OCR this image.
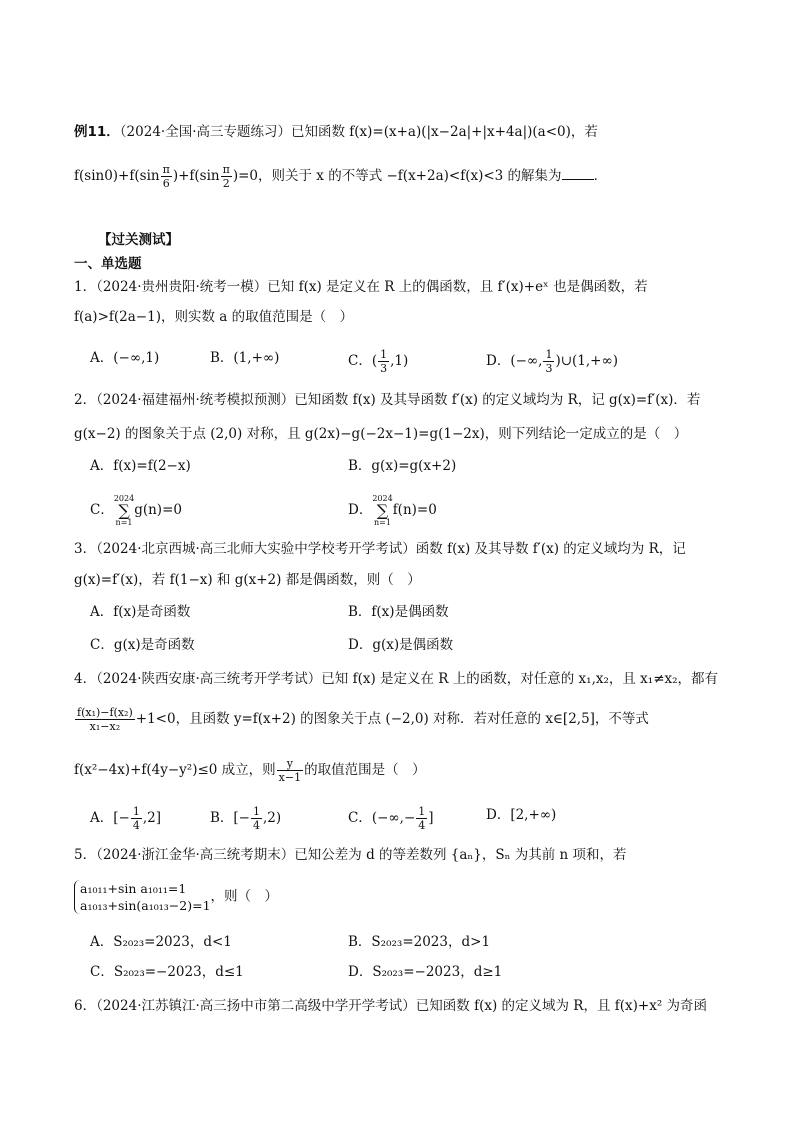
例11．（2024·全国·高三专题练习）已知函数 f(x)=(x+a)(|x−2a|+|x+4a|)(a<0)，若
$f(\sin 0)+f(\sin \frac{\pi}{6} )+f(\sin \frac{\pi}{2} )=0$，则关于 x 的不等式 −f(x+2a)<f(x)<3 的解集为 ．
【过关测试】
一、单选题
1．（2024·贵州贵阳·统考一模）已知 f(x) 是定义在 R 上的偶函数，且 f′(x)+eˣ 也是偶函数，若
f(a)>f(2a−1)，则实数 a 的取值范围是（　）
A．(−∞,1)	B．(1,+∞)	C．( $\frac{1}{3} ,1$)	D．(−∞, $\frac{1}{3}$ )∪(1,+∞)
2．（2024·福建福州·统考模拟预测）已知函数 f(x) 及其导函数 f′(x) 的定义域均为 R，记 g(x)=f′(x)．若
g(x−2) 的图象关于点 (2,0) 对称，且 g(2x)−g(−2x−1)=g(1−2x)，则下列结论一定成立的是（　）
A．f(x)=f(2−x)	B．g(x)=g(x+2)
C．2024
∑
n=1g(n)=0	D．2024
∑
n=1f(n)=0
3．（2024·北京西城·高三北师大实验中学校考开学考试）函数 f(x) 及其导数 f′(x) 的定义域均为 R，记
g(x)=f′(x)，若 f(1−x) 和 g(x+2) 都是偶函数，则（　）
A．f(x)是奇函数	B．f(x)是偶函数
C．g(x)是奇函数	D．g(x)是偶函数
4．（2024·陕西安康·高三统考开学考试）已知 f(x) 是定义在 R 上的函数，对任意的 x₁,x₂，且 x₁≠x₂，都有
$\frac{\text{f(x₁)−f(x₂)}}{\text{x₁−x₂}} +1<0$，且函数 y=f(x+2) 的图象关于点 (−2,0) 对称．若对任意的 x∈[2,5]，不等式
f(x²−4x)+f(4y−y²)≤0 成立，则 $\frac{y}{x-1}$ 的取值范围是（　）
A．[− $\frac{1}{4} ,2$]	B．[− $\frac{1}{4} ,2$)	C．(−∞,− $\frac{1}{4}$ ]	D．[2,+∞)
5．（2024·浙江金华·高三统考期末）已知公差为 d 的等差数列 {aₙ}，Sₙ 为其前 n 项和，若
a₁₀₁₁+sin a₁₀₁₁=1
a₁₀₁₃+sin(a₁₀₁₃−2)=1
，则（　）
A．S₂₀₂₃=2023，d<1	B．S₂₀₂₃=2023，d>1
C．S₂₀₂₃=−2023，d≤1	D．S₂₀₂₃=−2023，d≥1
6．（2024·江苏镇江·高三扬中市第二高级中学开学考试）已知函数 f(x) 的定义域为 R，且 f(x)+x² 为奇函
